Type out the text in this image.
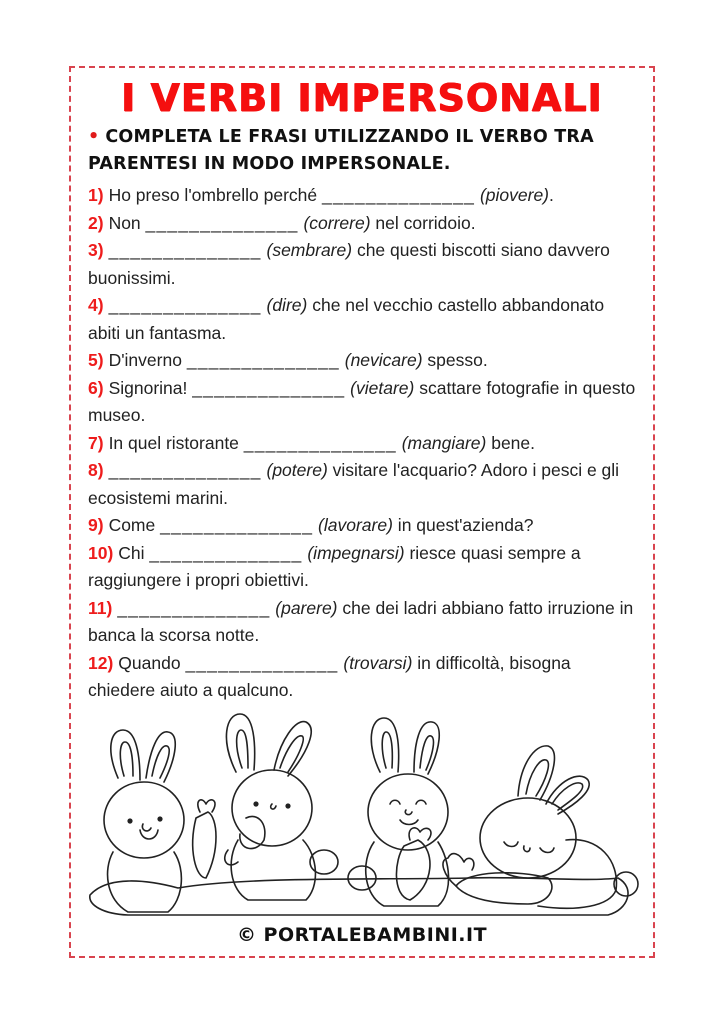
I VERBI IMPERSONALI
• COMPLETA LE FRASI UTILIZZANDO IL VERBO TRA PARENTESI IN MODO IMPERSONALE.
1) Ho preso l'ombrello perché ______________ (piovere).
2) Non ______________ (correre) nel corridoio.
3) ______________ (sembrare) che questi biscotti siano davvero buonissimi.
4) ______________ (dire) che nel vecchio castello abbandonato abiti un fantasma.
5) D'inverno ______________ (nevicare) spesso.
6) Signorina! ______________ (vietare) scattare fotografie in questo museo.
7) In quel ristorante ______________ (mangiare) bene.
8) ______________ (potere) visitare l'acquario? Adoro i pesci e gli ecosistemi marini.
9) Come ______________ (lavorare) in quest'azienda?
10) Chi ______________ (impegnarsi) riesce quasi sempre a raggiungere i propri obiettivi.
11) ______________ (parere) che dei ladri abbiano fatto irruzione in banca la scorsa notte.
12) Quando ______________ (trovarsi) in difficoltà, bisogna chiedere aiuto a qualcuno.
© PORTALEBAMBINI.IT
